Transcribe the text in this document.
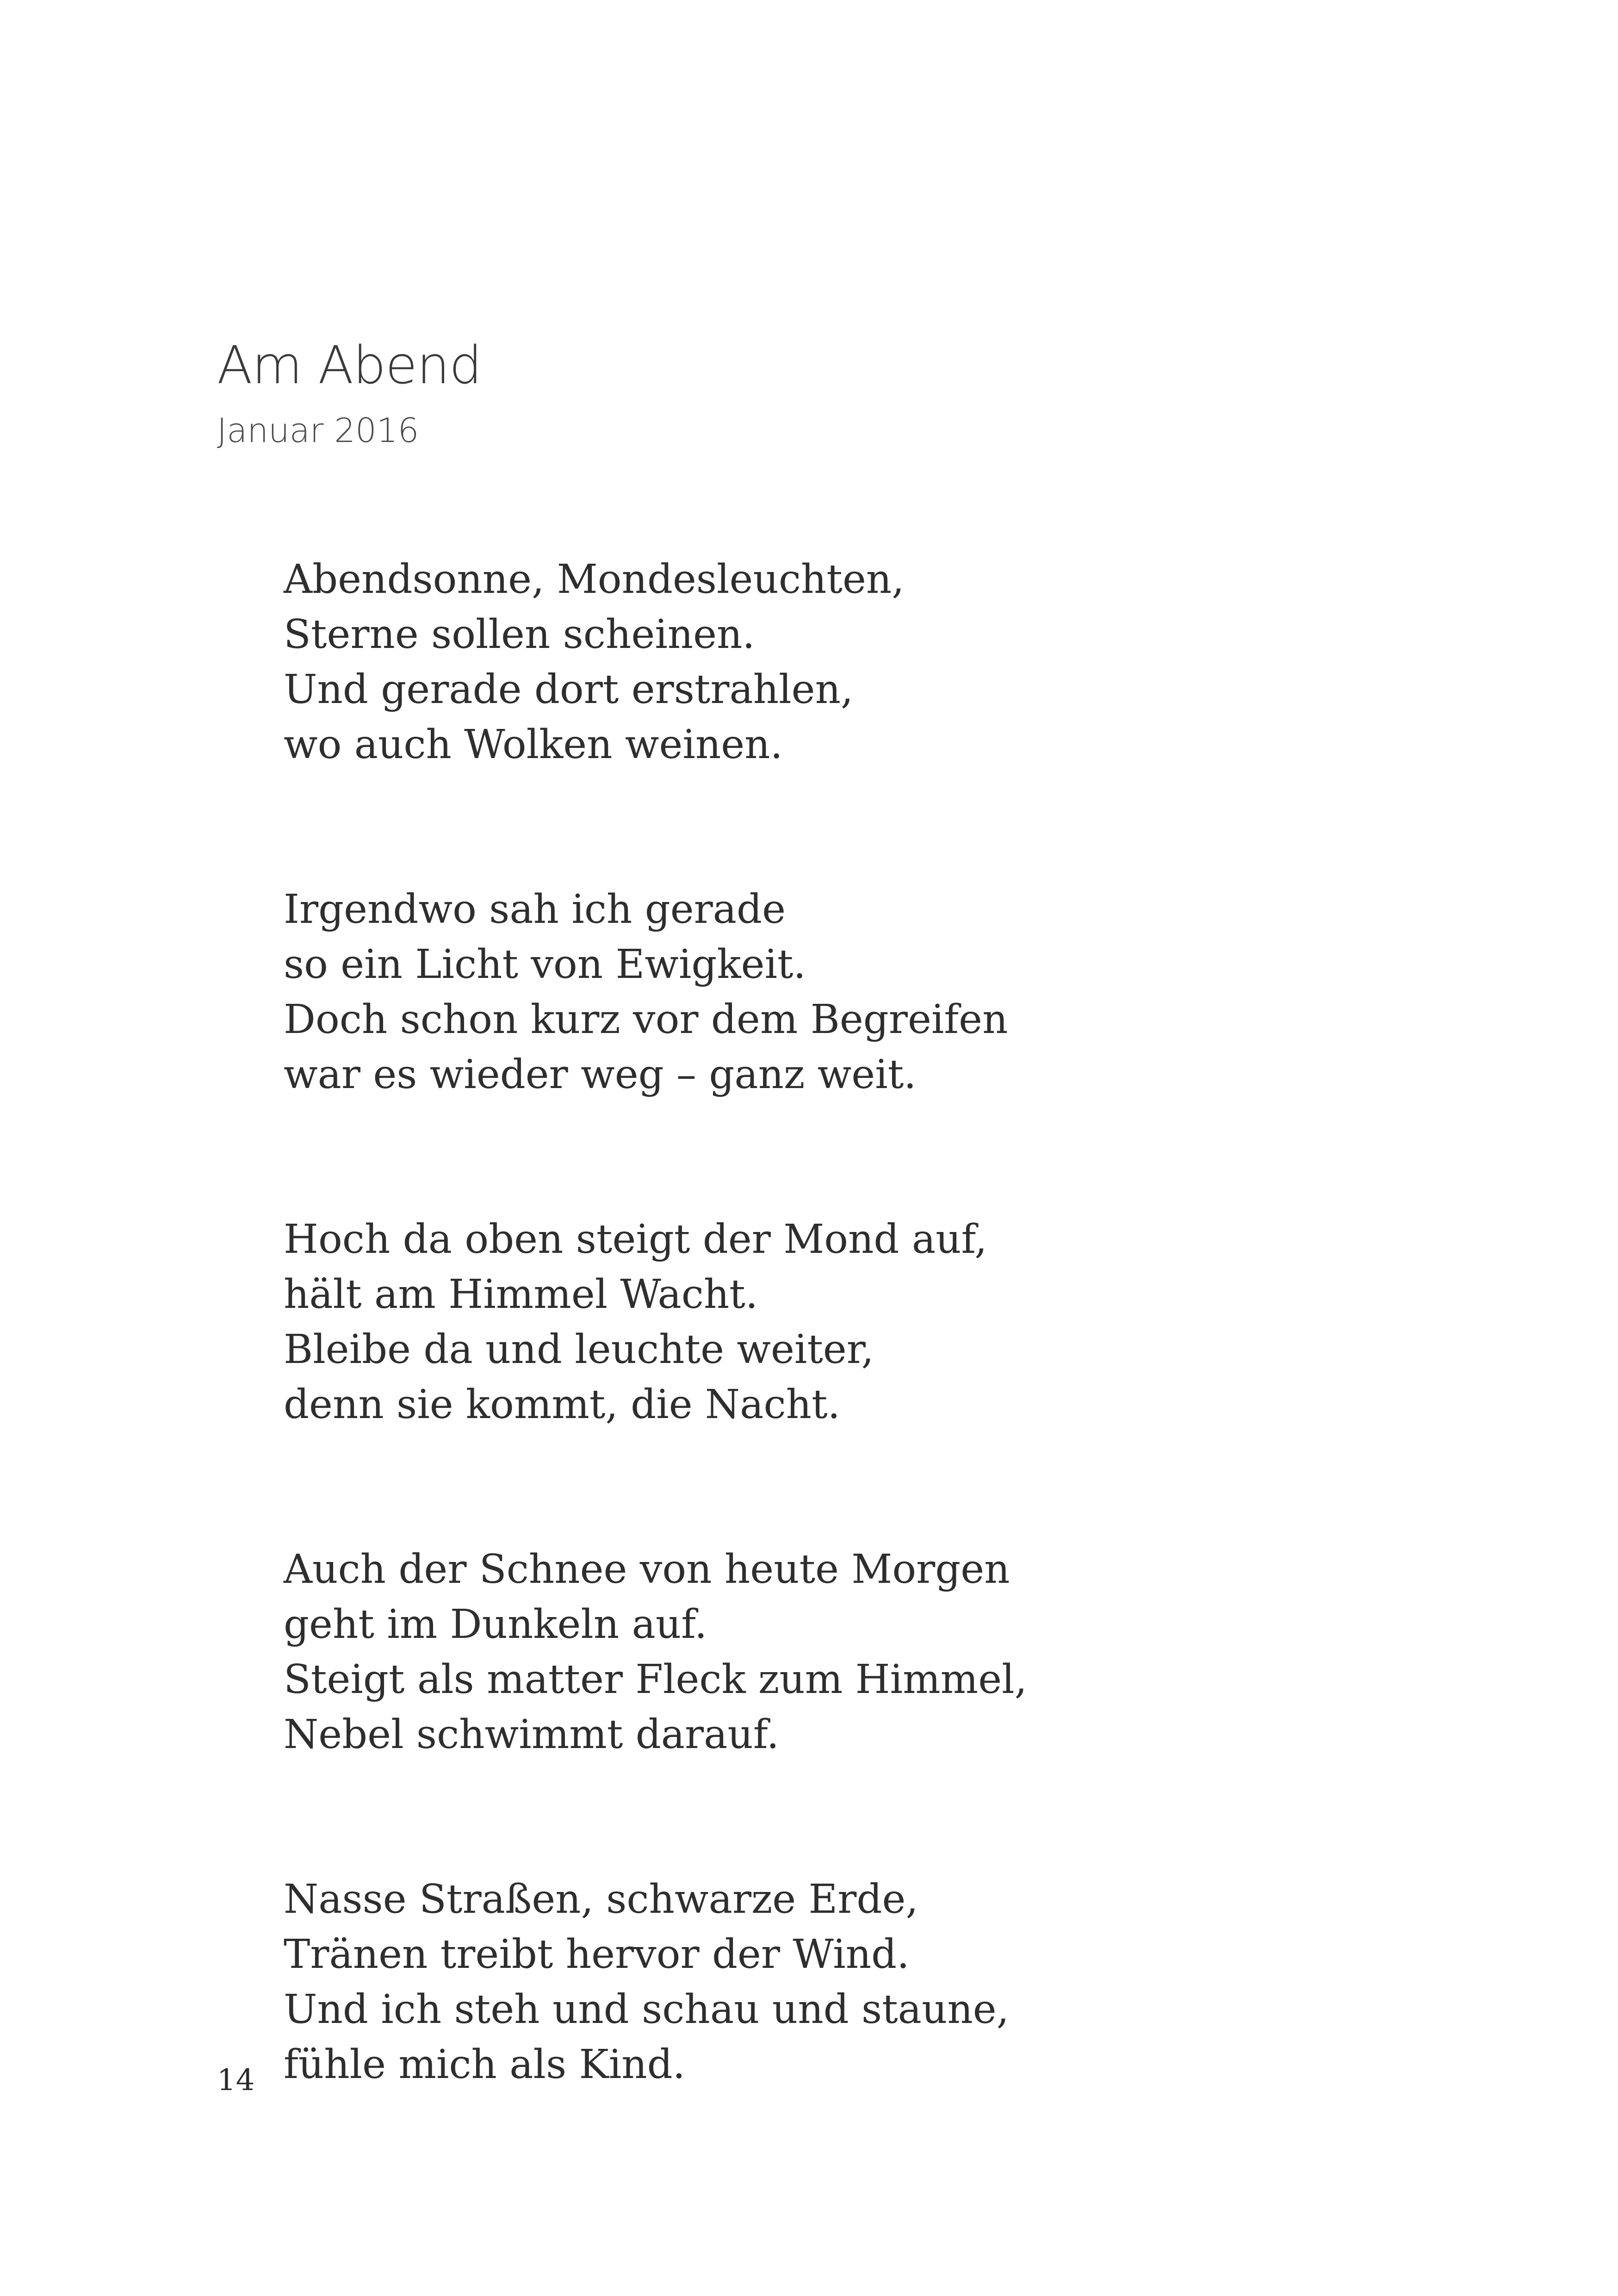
Am Abend

Januar 2016

Abendsonne, Mondesleuchten,
Sterne sollen scheinen.
Und gerade dort erstrahlen,
wo auch Wolken weinen.

Irgendwo sah ich gerade
so ein Licht von Ewigkeit.
Doch schon kurz vor dem Begreifen
war es wieder weg – ganz weit.

Hoch da oben steigt der Mond auf,
hält am Himmel Wacht.
Bleibe da und leuchte weiter,
denn sie kommt, die Nacht.

Auch der Schnee von heute Morgen
geht im Dunkeln auf.
Steigt als matter Fleck zum Himmel,
Nebel schwimmt darauf.

Nasse Straßen, schwarze Erde,
Tränen treibt hervor der Wind.
Und ich steh und schau und staune,
fühle mich als Kind.

14
